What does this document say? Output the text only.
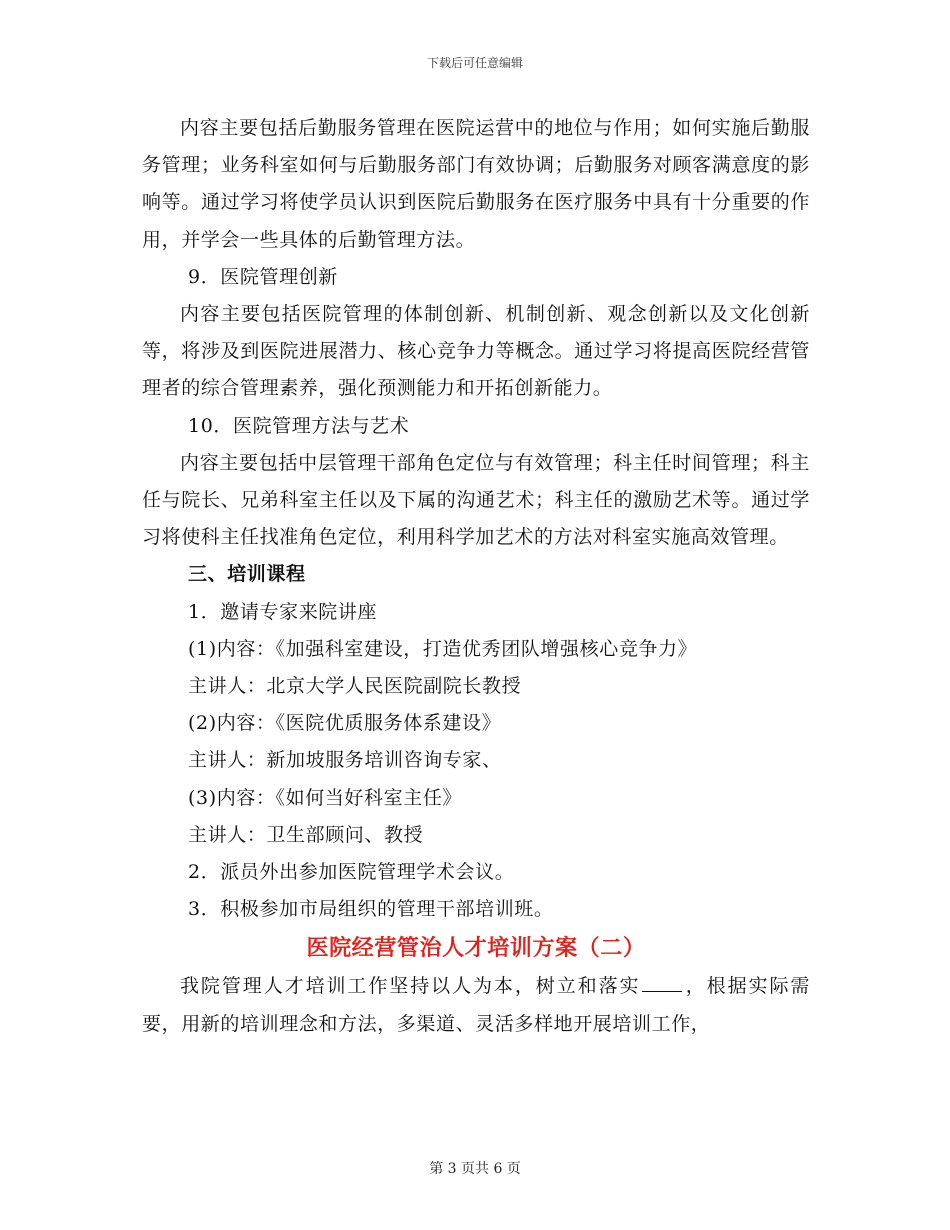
下载后可任意编辑

内容主要包括后勤服务管理在医院运营中的地位与作用；如何实施后勤服务管理；业务科室如何与后勤服务部门有效协调；后勤服务对顾客满意度的影响等。通过学习将使学员认识到医院后勤服务在医疗服务中具有十分重要的作用，并学会一些具体的后勤管理方法。

9．医院管理创新

内容主要包括医院管理的体制创新、机制创新、观念创新以及文化创新等，将涉及到医院进展潜力、核心竞争力等概念。通过学习将提高医院经营管理者的综合管理素养，强化预测能力和开拓创新能力。

10．医院管理方法与艺术

内容主要包括中层管理干部角色定位与有效管理；科主任时间管理；科主任与院长、兄弟科室主任以及下属的沟通艺术；科主任的激励艺术等。通过学习将使科主任找准角色定位，利用科学加艺术的方法对科室实施高效管理。

三、培训课程

1．邀请专家来院讲座

(1)内容：《加强科室建设，打造优秀团队增强核心竞争力》

主讲人：北京大学人民医院副院长教授

(2)内容：《医院优质服务体系建设》

主讲人：新加坡服务培训咨询专家、

(3)内容：《如何当好科室主任》

主讲人：卫生部顾问、教授

2．派员外出参加医院管理学术会议。

3．积极参加市局组织的管理干部培训班。

医院经营管治人才培训方案（二）

我院管理人才培训工作坚持以人为本，树立和落实 ，根据实际需要，用新的培训理念和方法，多渠道、灵活多样地开展培训工作，

第 3 页共 6 页
